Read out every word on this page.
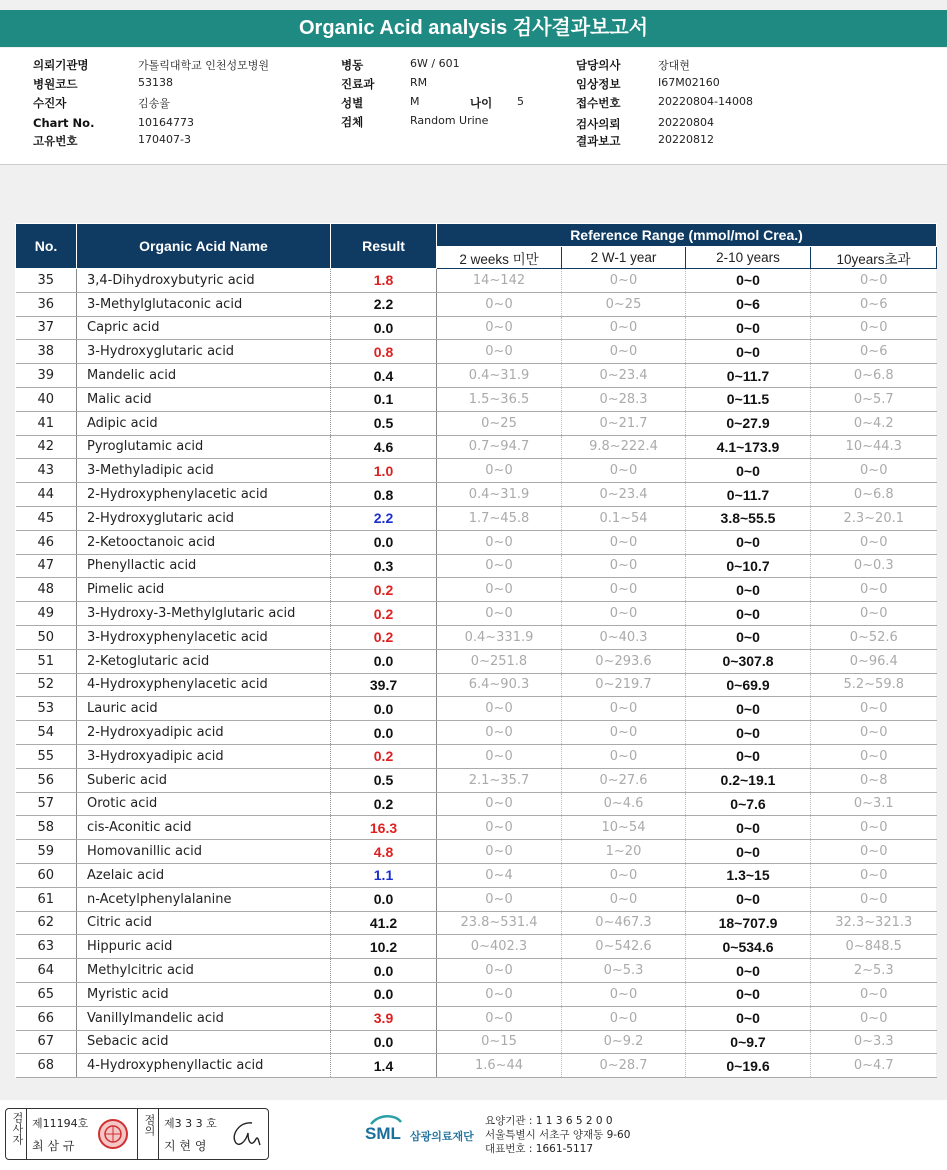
Organic Acid analysis 검사결과보고서
의뢰기관명	가톨릭대학교 인천성모병원
병원코드	53138
수진자	김송율
Chart No.	10164773
고유번호	170407-3
병동	6W / 601
진료과	RM
성별	M	나이 5
검체	Random Urine
담당의사	장대현
임상정보	I67M02160
접수번호	20220804-14008
검사의뢰	20220804
결과보고	20220812
No.	Organic Acid Name	Result	Reference Range (mmol/mol Crea.)			
			2 weeks 미만	2 W-1 year	2-10 years	10years초과
35	3,4-Dihydroxybutyric acid	1.8	14~142	0~0	0~0	0~0
36	3-Methylglutaconic acid	2.2	0~0	0~25	0~6	0~6
37	Capric acid	0.0	0~0	0~0	0~0	0~0
38	3-Hydroxyglutaric acid	0.8	0~0	0~0	0~0	0~6
39	Mandelic acid	0.4	0.4~31.9	0~23.4	0~11.7	0~6.8
40	Malic acid	0.1	1.5~36.5	0~28.3	0~11.5	0~5.7
41	Adipic acid	0.5	0~25	0~21.7	0~27.9	0~4.2
42	Pyroglutamic acid	4.6	0.7~94.7	9.8~222.4	4.1~173.9	10~44.3
43	3-Methyladipic acid	1.0	0~0	0~0	0~0	0~0
44	2-Hydroxyphenylacetic acid	0.8	0.4~31.9	0~23.4	0~11.7	0~6.8
45	2-Hydroxyglutaric acid	2.2	1.7~45.8	0.1~54	3.8~55.5	2.3~20.1
46	2-Ketooctanoic acid	0.0	0~0	0~0	0~0	0~0
47	Phenyllactic acid	0.3	0~0	0~0	0~10.7	0~0.3
48	Pimelic acid	0.2	0~0	0~0	0~0	0~0
49	3-Hydroxy-3-Methylglutaric acid	0.2	0~0	0~0	0~0	0~0
50	3-Hydroxyphenylacetic acid	0.2	0.4~331.9	0~40.3	0~0	0~52.6
51	2-Ketoglutaric acid	0.0	0~251.8	0~293.6	0~307.8	0~96.4
52	4-Hydroxyphenylacetic acid	39.7	6.4~90.3	0~219.7	0~69.9	5.2~59.8
53	Lauric acid	0.0	0~0	0~0	0~0	0~0
54	2-Hydroxyadipic acid	0.0	0~0	0~0	0~0	0~0
55	3-Hydroxyadipic acid	0.2	0~0	0~0	0~0	0~0
56	Suberic acid	0.5	2.1~35.7	0~27.6	0.2~19.1	0~8
57	Orotic acid	0.2	0~0	0~4.6	0~7.6	0~3.1
58	cis-Aconitic acid	16.3	0~0	10~54	0~0	0~0
59	Homovanillic acid	4.8	0~0	1~20	0~0	0~0
60	Azelaic acid	1.1	0~4	0~0	1.3~15	0~0
61	n-Acetylphenylalanine	0.0	0~0	0~0	0~0	0~0
62	Citric acid	41.2	23.8~531.4	0~467.3	18~707.9	32.3~321.3
63	Hippuric acid	10.2	0~402.3	0~542.6	0~534.6	0~848.5
64	Methylcitric acid	0.0	0~0	0~5.3	0~0	2~5.3
65	Myristic acid	0.0	0~0	0~0	0~0	0~0
66	Vanillylmandelic acid	3.9	0~0	0~0	0~0	0~0
67	Sebacic acid	0.0	0~15	0~9.2	0~9.7	0~3.3
68	4-Hydroxyphenyllactic acid	1.4	1.6~44	0~28.7	0~19.6	0~4.7
검사자 제11194호
최 삼 규
점의 제3 3 3 호
지 현 영
SML 삼광의료재단
요양기관 : 1 1 3 6 5 2 0 0
서울특별시 서초구 양재동 9-60
대표번호 : 1661-5117
